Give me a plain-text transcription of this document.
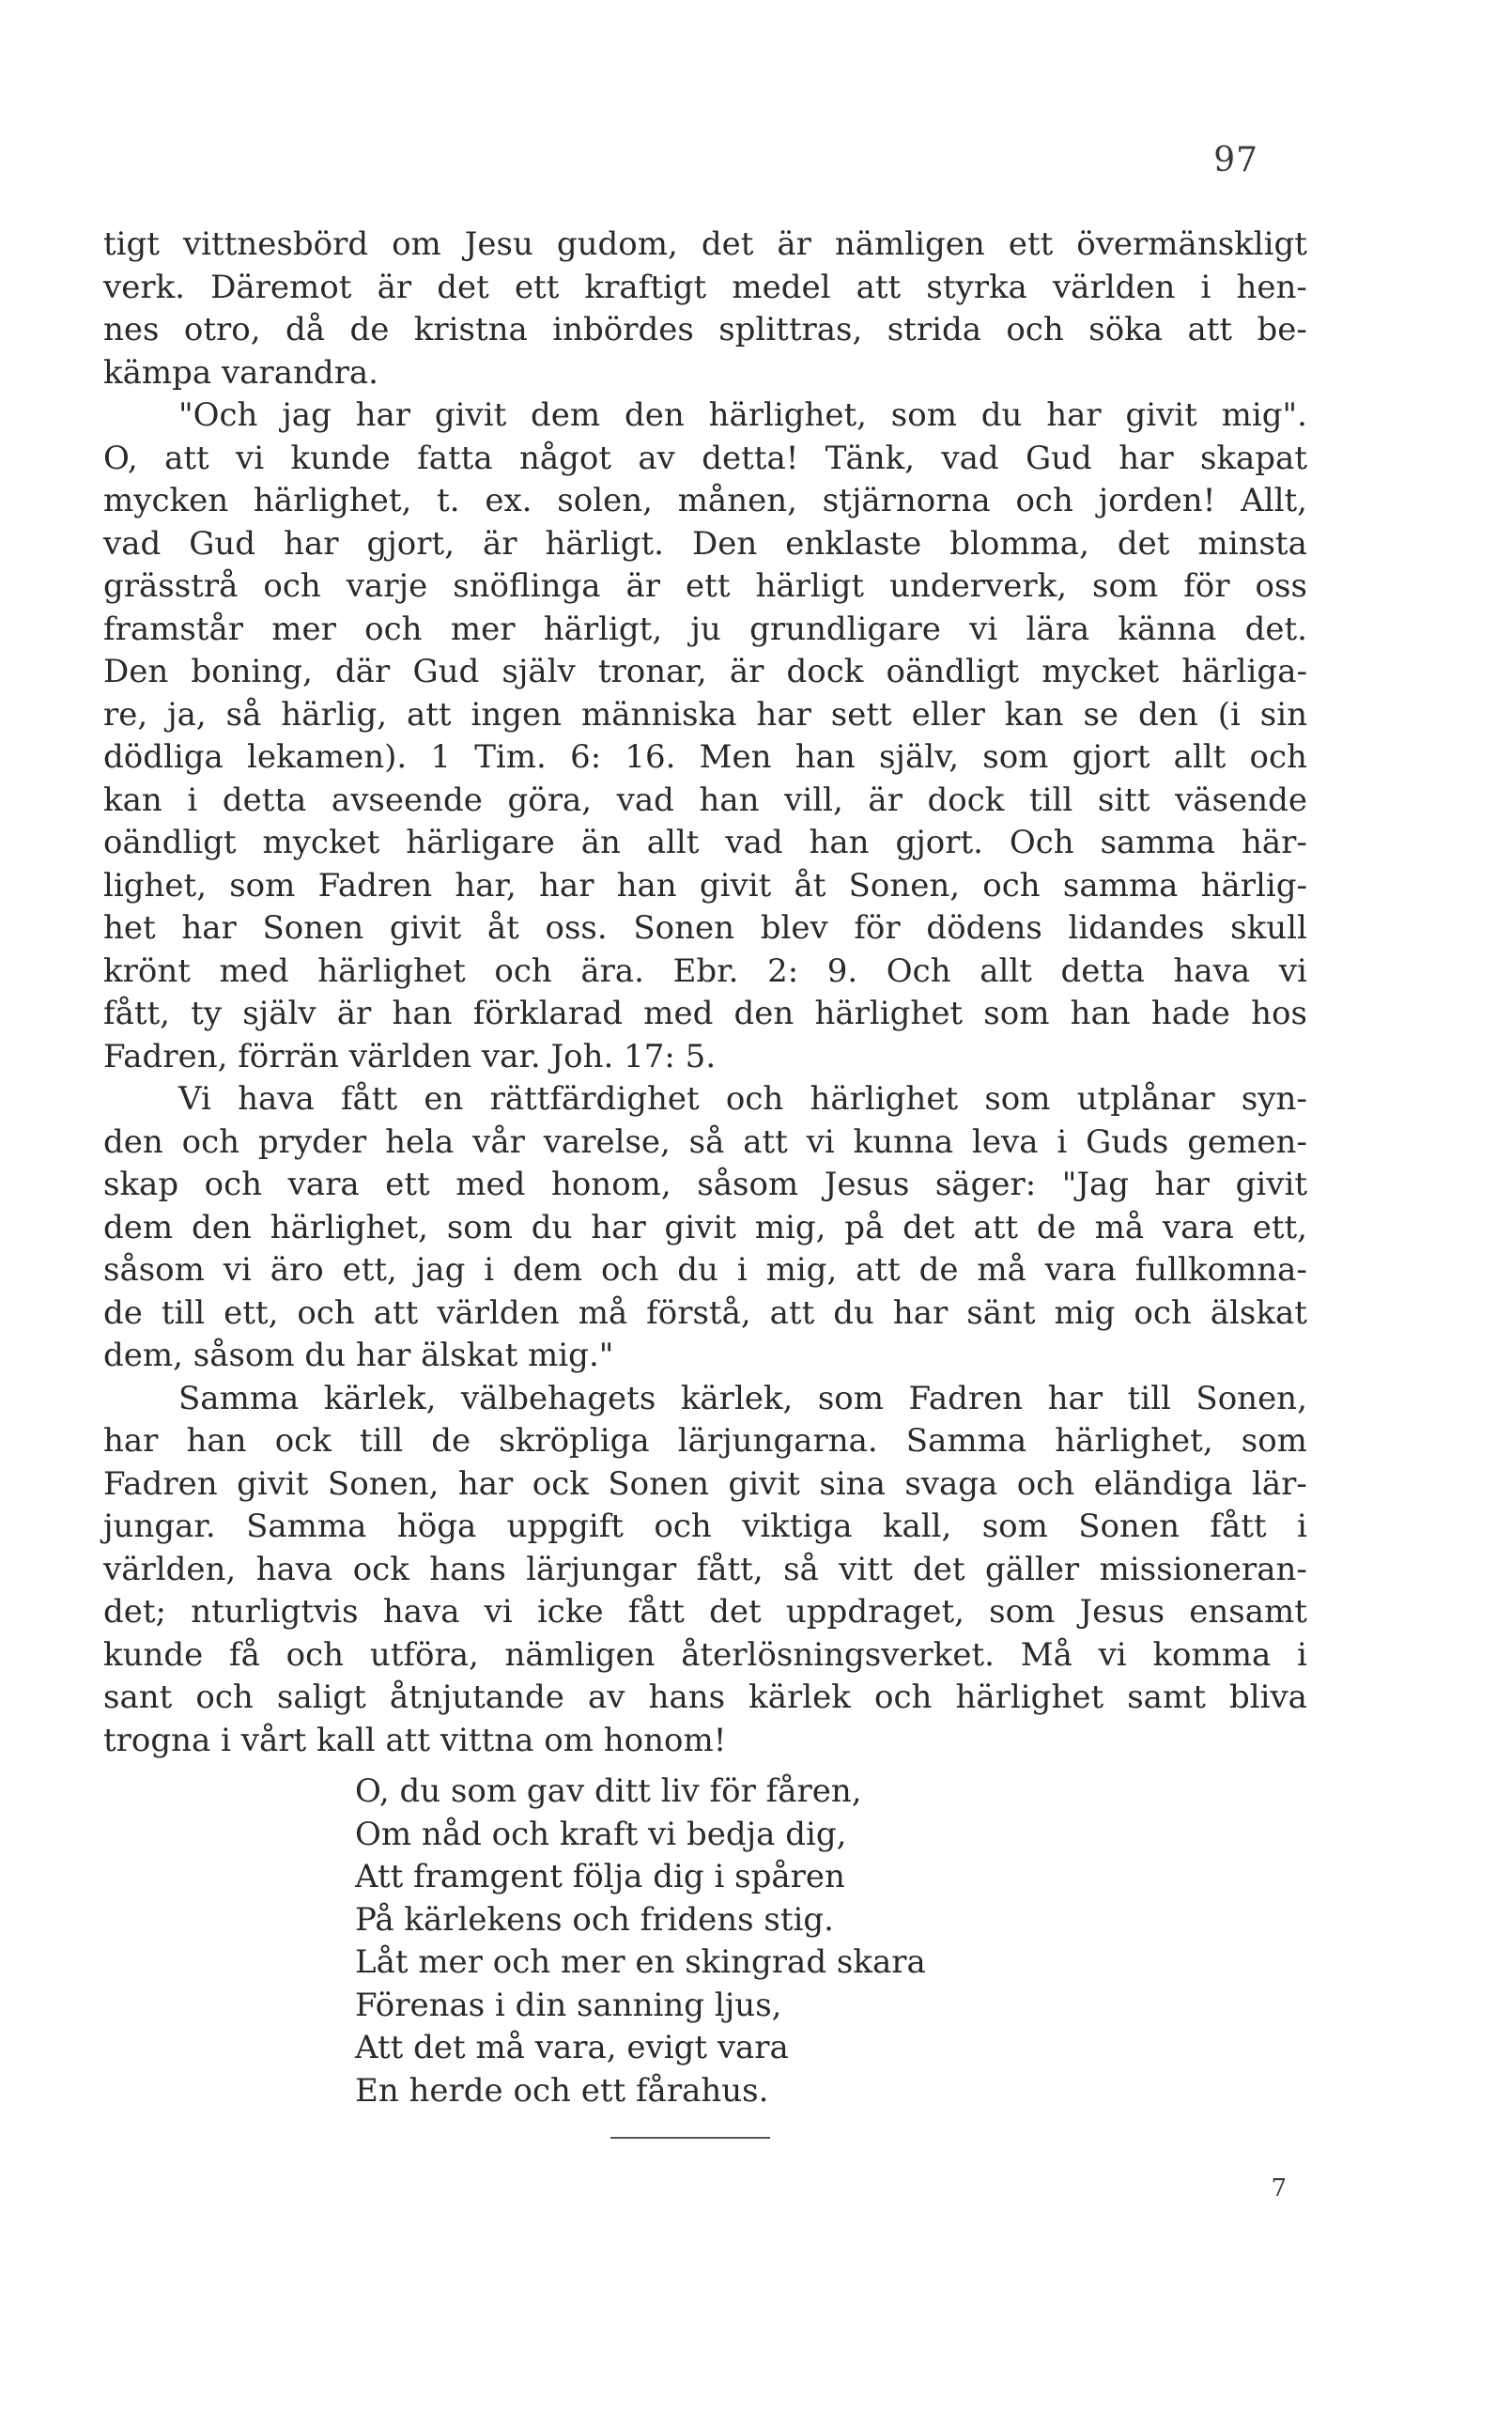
97
tigt vittnesbörd om Jesu gudom, det är nämligen ett övermänskligt
verk. Däremot är det ett kraftigt medel att styrka världen i hen-
nes otro, då de kristna inbördes splittras, strida och söka att be-
kämpa varandra.
"Och jag har givit dem den härlighet, som du har givit mig".
O, att vi kunde fatta något av detta! Tänk, vad Gud har skapat
mycken härlighet, t. ex. solen, månen, stjärnorna och jorden! Allt,
vad Gud har gjort, är härligt. Den enklaste blomma, det minsta
grässtrå och varje snöflinga är ett härligt underverk, som för oss
framstår mer och mer härligt, ju grundligare vi lära känna det.
Den boning, där Gud själv tronar, är dock oändligt mycket härliga-
re, ja, så härlig, att ingen människa har sett eller kan se den (i sin
dödliga lekamen). 1 Tim. 6: 16. Men han själv, som gjort allt och
kan i detta avseende göra, vad han vill, är dock till sitt väsende
oändligt mycket härligare än allt vad han gjort. Och samma här-
lighet, som Fadren har, har han givit åt Sonen, och samma härlig-
het har Sonen givit åt oss. Sonen blev för dödens lidandes skull
krönt med härlighet och ära. Ebr. 2: 9. Och allt detta hava vi
fått, ty själv är han förklarad med den härlighet som han hade hos
Fadren, förrän världen var. Joh. 17: 5.
Vi hava fått en rättfärdighet och härlighet som utplånar syn-
den och pryder hela vår varelse, så att vi kunna leva i Guds gemen-
skap och vara ett med honom, såsom Jesus säger: "Jag har givit
dem den härlighet, som du har givit mig, på det att de må vara ett,
såsom vi äro ett, jag i dem och du i mig, att de må vara fullkomna-
de till ett, och att världen må förstå, att du har sänt mig och älskat
dem, såsom du har älskat mig."
Samma kärlek, välbehagets kärlek, som Fadren har till Sonen,
har han ock till de skröpliga lärjungarna. Samma härlighet, som
Fadren givit Sonen, har ock Sonen givit sina svaga och eländiga lär-
jungar. Samma höga uppgift och viktiga kall, som Sonen fått i
världen, hava ock hans lärjungar fått, så vitt det gäller missioneran-
det; nturligtvis hava vi icke fått det uppdraget, som Jesus ensamt
kunde få och utföra, nämligen återlösningsverket. Må vi komma i
sant och saligt åtnjutande av hans kärlek och härlighet samt bliva
trogna i vårt kall att vittna om honom!
O, du som gav ditt liv för fåren,
Om nåd och kraft vi bedja dig,
Att framgent följa dig i spåren
På kärlekens och fridens stig.
Låt mer och mer en skingrad skara
Förenas i din sanning ljus,
Att det må vara, evigt vara
En herde och ett fårahus.
7
